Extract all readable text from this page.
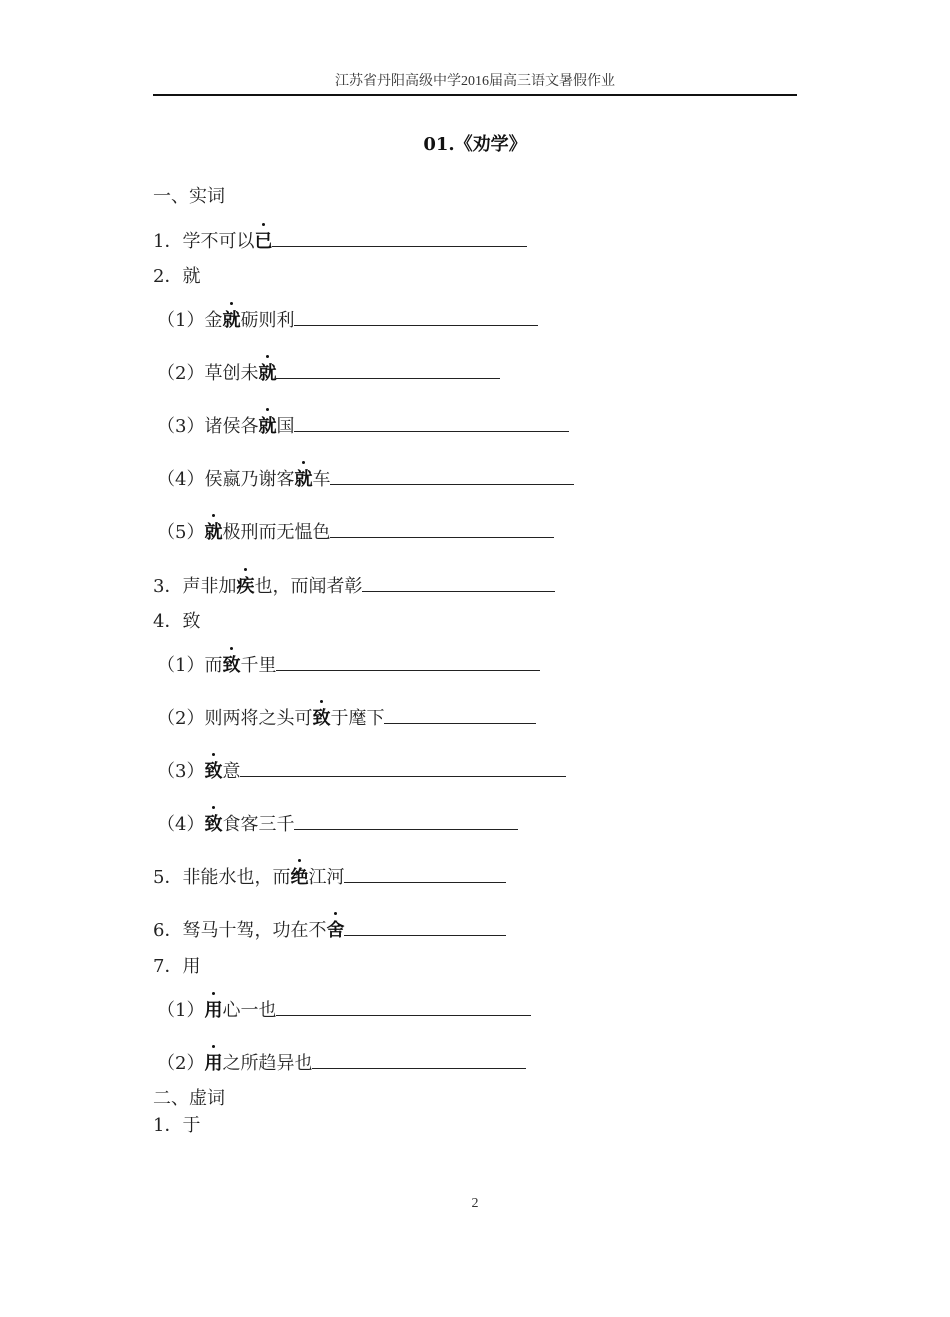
江苏省丹阳高级中学2016届高三语文暑假作业
01.《劝学》
一、实词
1．学不可以已
2．就
（1）金就砺则利
（2）草创未就
（3）诸侯各就国
（4）侯嬴乃谢客就车
（5）就极刑而无愠色
3．声非加疾也，而闻者彰
4．致
（1）而致千里
（2）则两将之头可致于麾下
（3）致意
（4）致食客三千
5．非能水也，而绝江河
6．驽马十驾，功在不舍
7．用
（1）用心一也
（2）用之所趋异也
二、虚词
1．于
2
